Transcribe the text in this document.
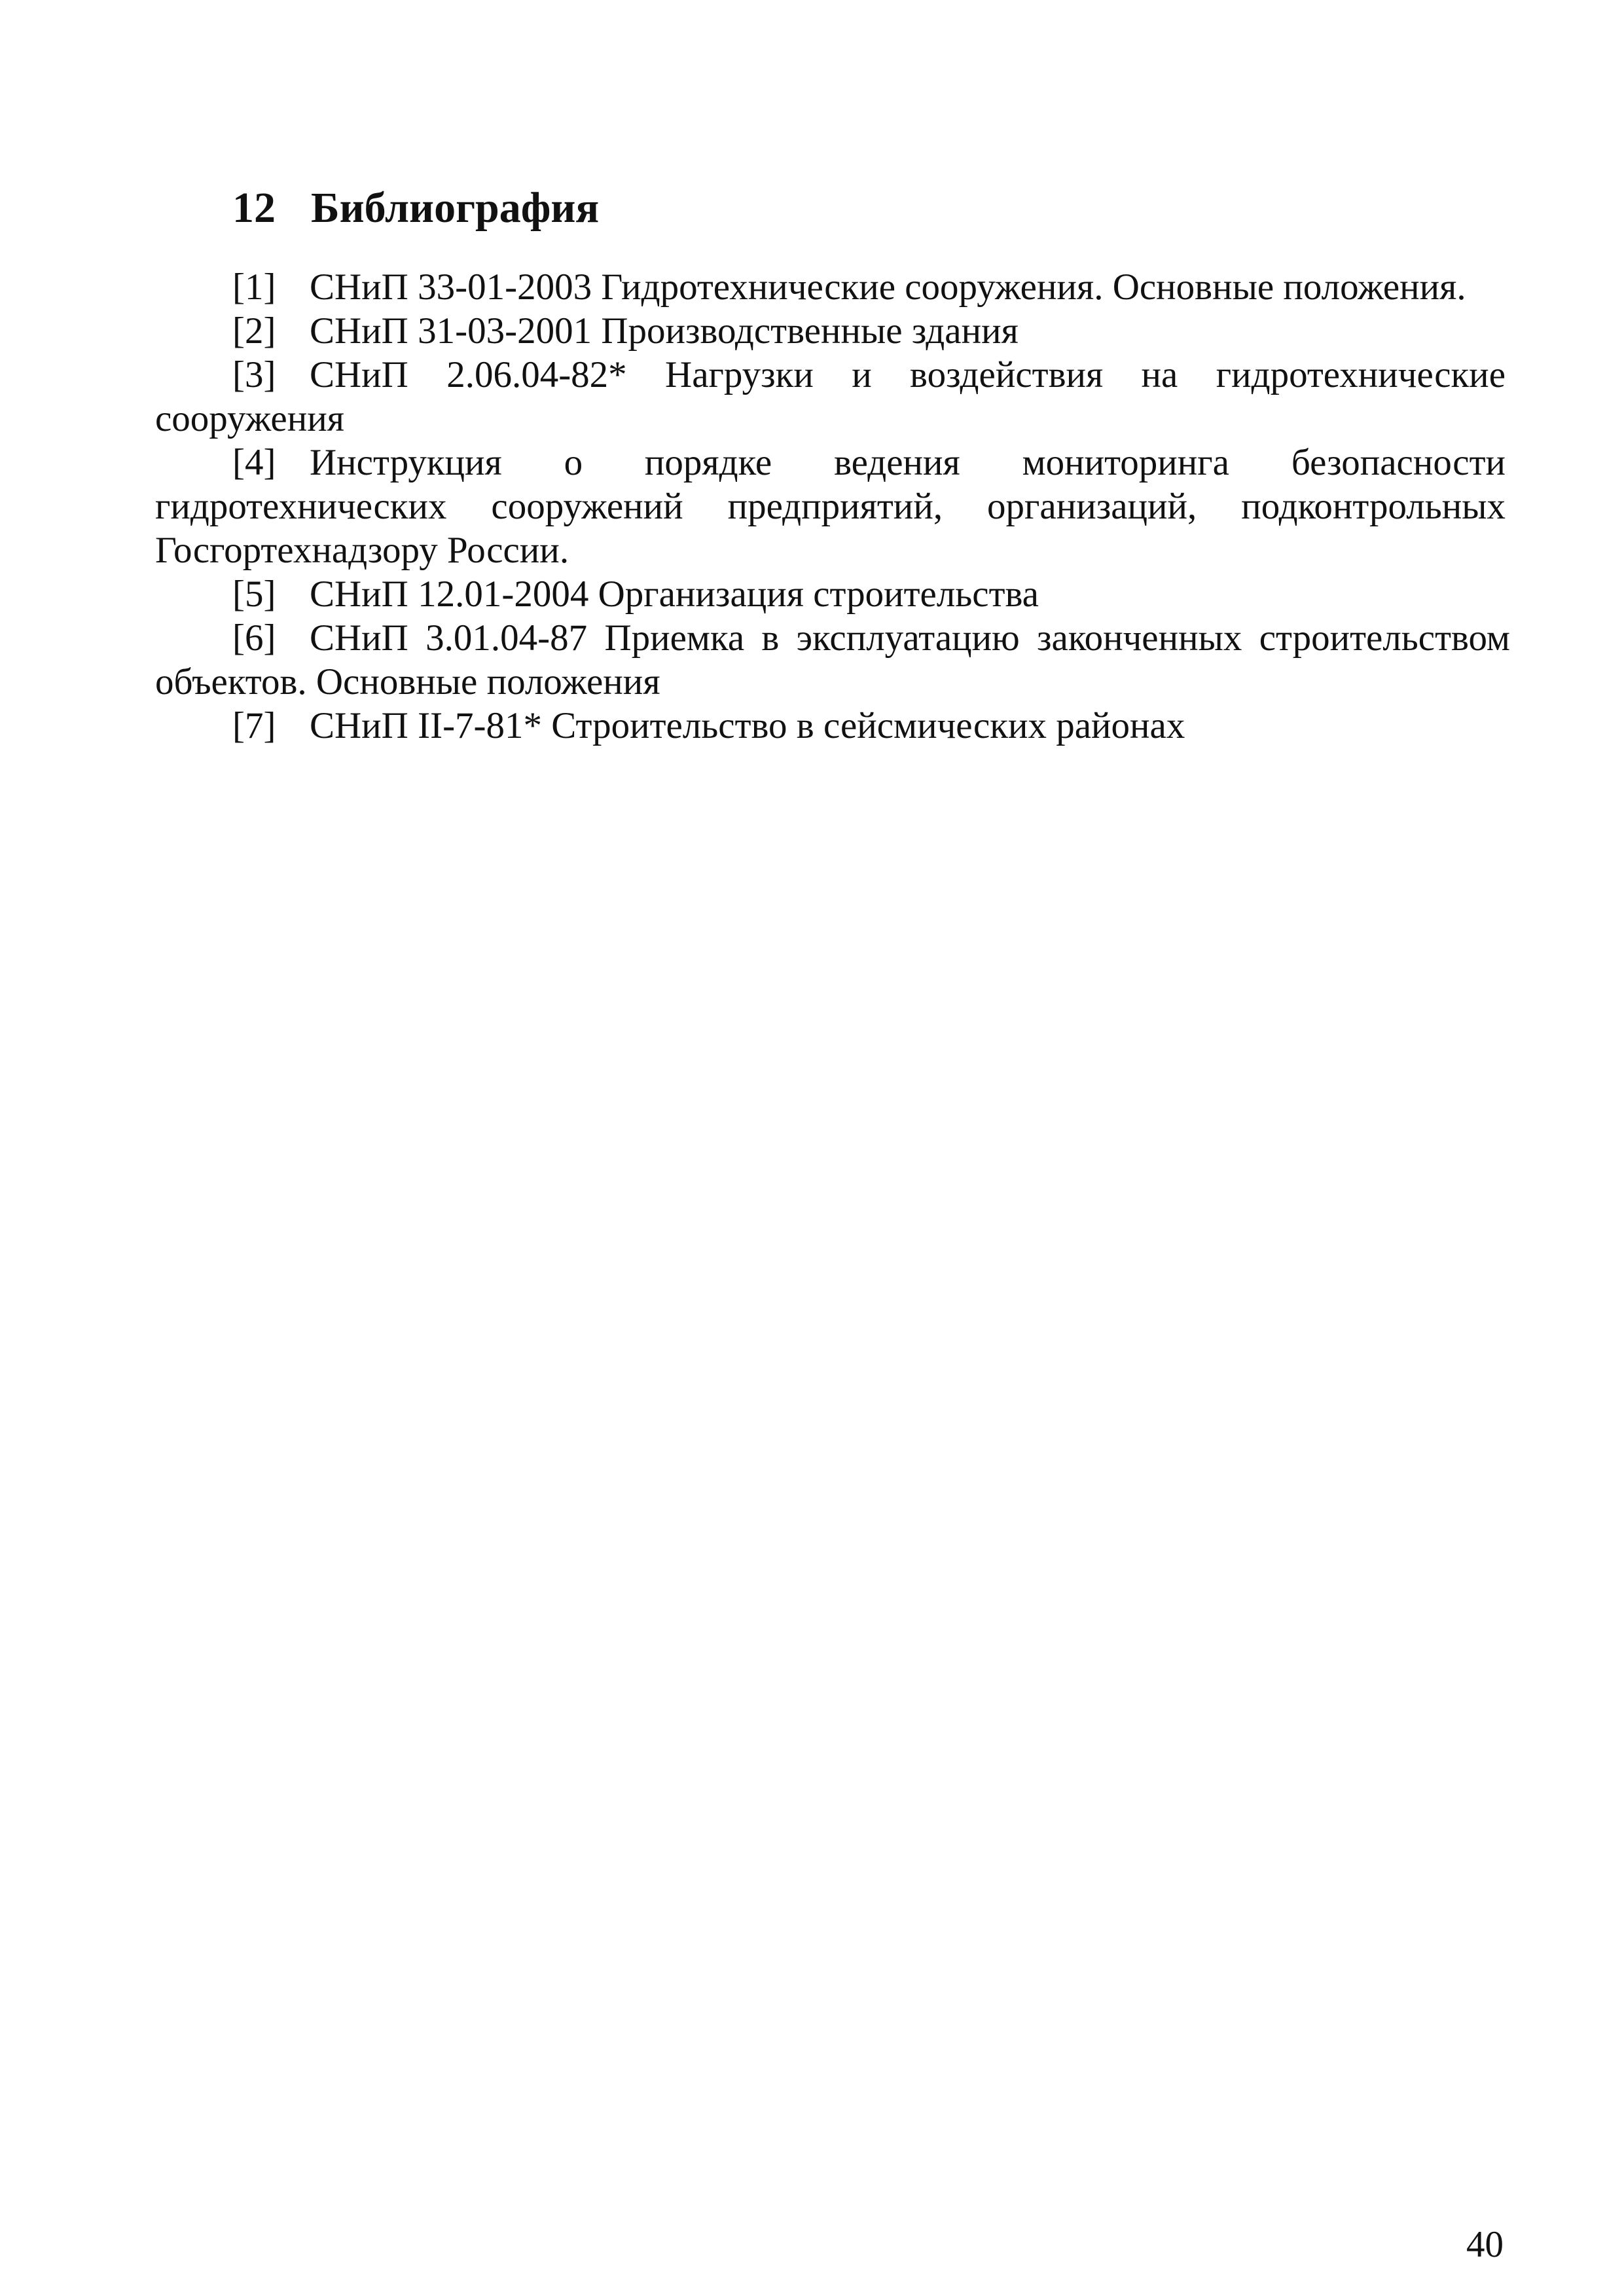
12 Библиография

[1] СНиП 33-01-2003 Гидротехнические сооружения. Основные положения.

[2] СНиП 31-03-2001 Производственные здания

[3] СНиП 2.06.04-82* Нагрузки и воздействия на гидротехнические сооружения

[4] Инструкция о порядке ведения мониторинга безопасности гидротехнических сооружений предприятий, организаций, подконтрольных Госгортехнадзору России.

[5] СНиП 12.01-2004 Организация строительства

[6] СНиП 3.01.04-87 Приемка в эксплуатацию законченных строительством объектов. Основные положения

[7] СНиП II-7-81* Строительство в сейсмических районах

40
